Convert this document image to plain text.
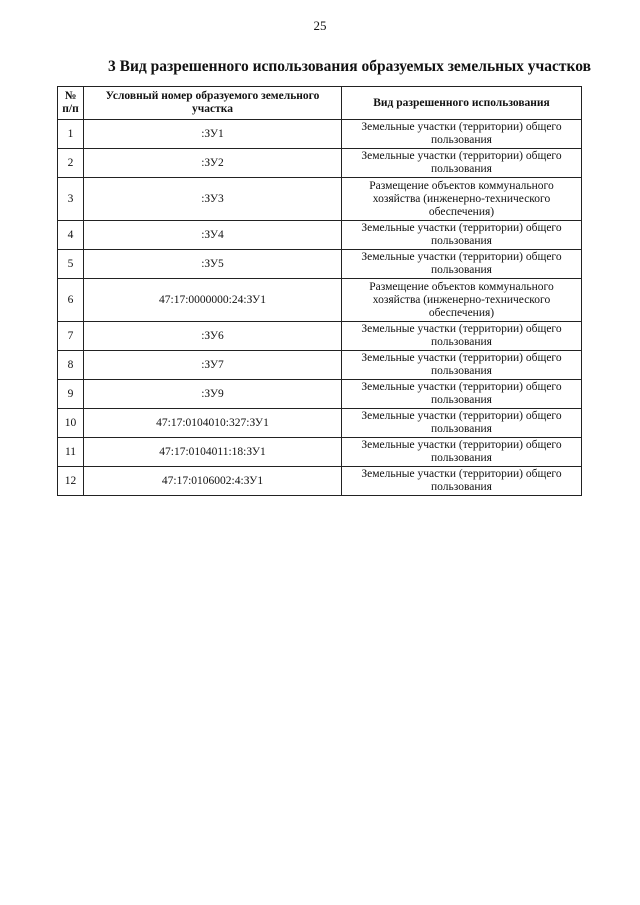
25
3 Вид разрешенного использования образуемых земельных участков
№ п/п	Условный номер образуемого земельного участка	Вид разрешенного использования
1	:ЗУ1	Земельные участки (территории) общего пользования
2	:ЗУ2	Земельные участки (территории) общего пользования
3	:ЗУ3	Размещение объектов коммунального хозяйства (инженерно-технического обеспечения)
4	:ЗУ4	Земельные участки (территории) общего пользования
5	:ЗУ5	Земельные участки (территории) общего пользования
6	47:17:0000000:24:ЗУ1	Размещение объектов коммунального хозяйства (инженерно-технического обеспечения)
7	:ЗУ6	Земельные участки (территории) общего пользования
8	:ЗУ7	Земельные участки (территории) общего пользования
9	:ЗУ9	Земельные участки (территории) общего пользования
10	47:17:0104010:327:ЗУ1	Земельные участки (территории) общего пользования
11	47:17:0104011:18:ЗУ1	Земельные участки (территории) общего пользования
12	47:17:0106002:4:ЗУ1	Земельные участки (территории) общего пользования
